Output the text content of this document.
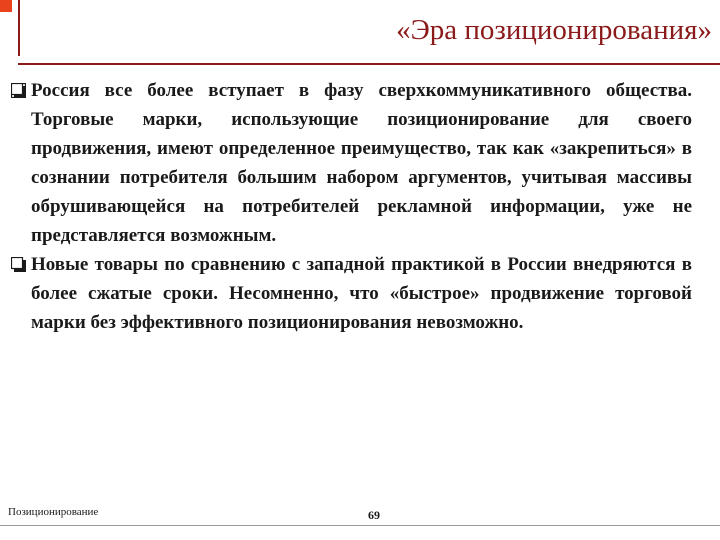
«Эра позиционирования»
Россия все более вступает в фазу сверхкоммуникативного общества. Торговые марки, использующие позиционирование для своего продвижения, имеют определенное преимущество, так как «закрепиться» в сознании потребителя большим набором аргументов, учитывая массивы обрушивающейся на потребителей рекламной информации, уже не представляется возможным.
Новые товары по сравнению с западной практикой в России внедряются в более сжатые сроки. Несомненно, что «быстрое» продвижение торговой марки без эффективного позиционирования невозможно.
Позиционирование	69
